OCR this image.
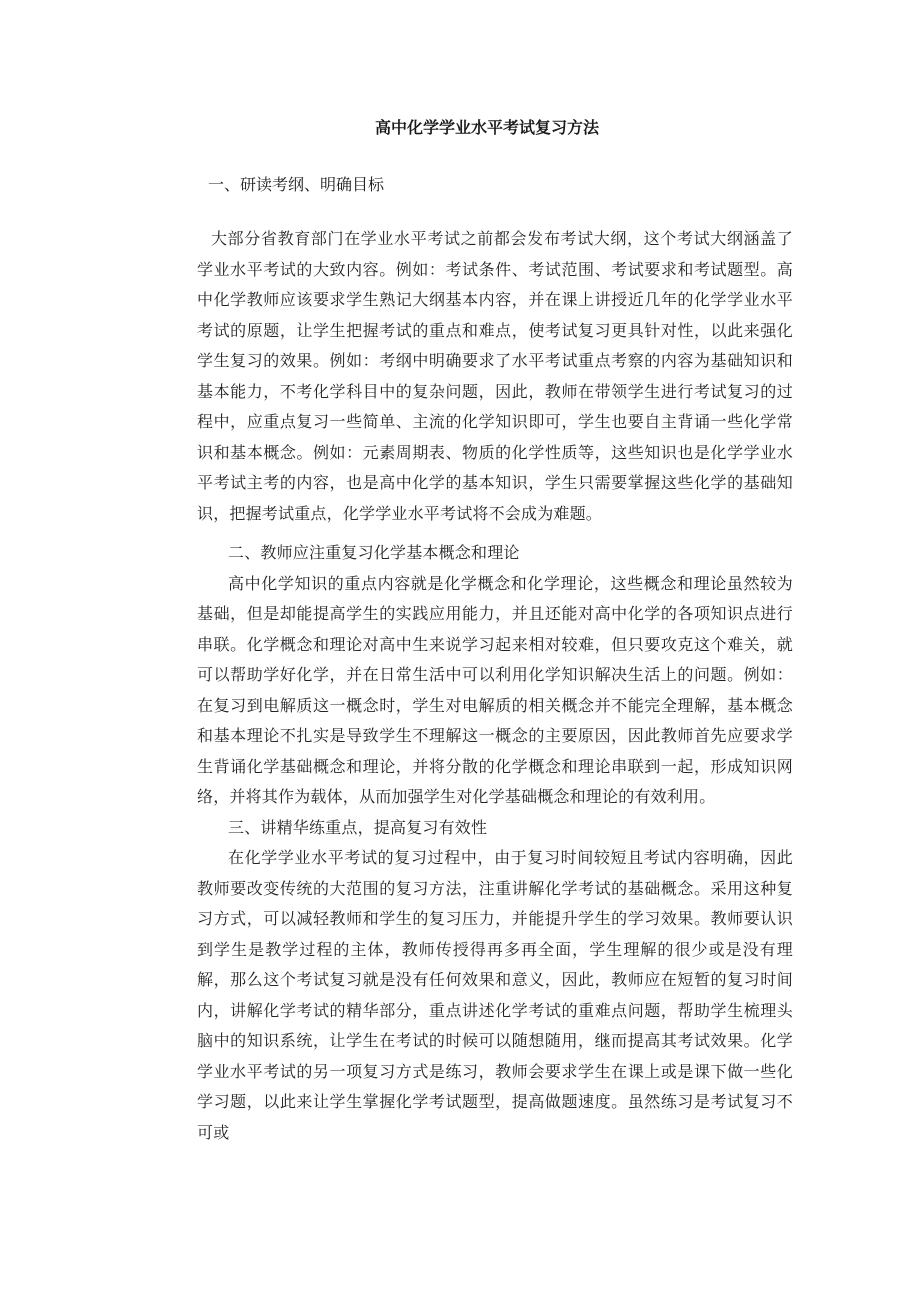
高中化学学业水平考试复习方法

一、研读考纲、明确目标

大部分省教育部门在学业水平考试之前都会发布考试大纲，这个考试大纲涵盖了学业水平考试的大致内容。例如：考试条件、考试范围、考试要求和考试题型。高中化学教师应该要求学生熟记大纲基本内容，并在课上讲授近几年的化学学业水平考试的原题，让学生把握考试的重点和难点，使考试复习更具针对性，以此来强化学生复习的效果。例如：考纲中明确要求了水平考试重点考察的内容为基础知识和基本能力，不考化学科目中的复杂问题，因此，教师在带领学生进行考试复习的过程中，应重点复习一些简单、主流的化学知识即可，学生也要自主背诵一些化学常识和基本概念。例如：元素周期表、物质的化学性质等，这些知识也是化学学业水平考试主考的内容，也是高中化学的基本知识，学生只需要掌握这些化学的基础知识，把握考试重点，化学学业水平考试将不会成为难题。

二、教师应注重复习化学基本概念和理论

高中化学知识的重点内容就是化学概念和化学理论，这些概念和理论虽然较为基础，但是却能提高学生的实践应用能力，并且还能对高中化学的各项知识点进行串联。化学概念和理论对高中生来说学习起来相对较难，但只要攻克这个难关，就可以帮助学好化学，并在日常生活中可以利用化学知识解决生活上的问题。例如：在复习到电解质这一概念时，学生对电解质的相关概念并不能完全理解，基本概念和基本理论不扎实是导致学生不理解这一概念的主要原因，因此教师首先应要求学生背诵化学基础概念和理论，并将分散的化学概念和理论串联到一起，形成知识网络，并将其作为载体，从而加强学生对化学基础概念和理论的有效利用。

三、讲精华练重点，提高复习有效性

在化学学业水平考试的复习过程中，由于复习时间较短且考试内容明确，因此教师要改变传统的大范围的复习方法，注重讲解化学考试的基础概念。采用这种复习方式，可以减轻教师和学生的复习压力，并能提升学生的学习效果。教师要认识到学生是教学过程的主体，教师传授得再多再全面，学生理解的很少或是没有理解，那么这个考试复习就是没有任何效果和意义，因此，教师应在短暂的复习时间内，讲解化学考试的精华部分，重点讲述化学考试的重难点问题，帮助学生梳理头脑中的知识系统，让学生在考试的时候可以随想随用，继而提高其考试效果。化学学业水平考试的另一项复习方式是练习，教师会要求学生在课上或是课下做一些化学习题，以此来让学生掌握化学考试题型，提高做题速度。虽然练习是考试复习不可或
